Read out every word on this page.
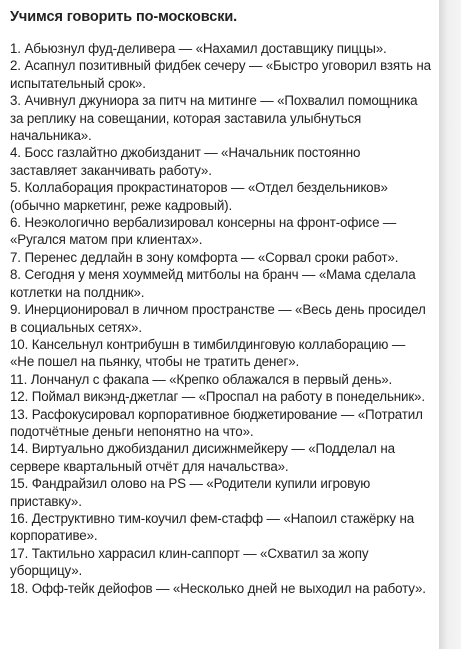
Учимся говорить по-московски.
1. Абьюзнул фуд-деливера — «Нахамил доставщику пиццы».
2. Асапнул позитивный фидбек сечеру — «Быстро уговорил взять на испытательный срок».
3. Ачивнул джуниора за питч на митинге — «Похвалил помощника за реплику на совещании, которая заставила улыбнуться начальника».
4. Босс газлайтно джобизданит — «Начальник постоянно заставляет заканчивать работу».
5. Коллаборация прокрастинаторов — «Отдел бездельников» (обычно маркетинг, реже кадровый).
6. Неэкологично вербализировал консерны на фронт-офисе — «Ругался матом при клиентах».
7. Перенес дедлайн в зону комфорта — «Сорвал сроки работ».
8. Сегодня у меня хоуммейд митболы на бранч — «Мама сделала котлетки на полдник».
9. Инерционировал в личном пространстве — «Весь день просидел в социальных сетях».
10. Кансельнул контрибушн в тимбилдинговую коллаборацию — «Не пошел на пьянку, чтобы не тратить денег».
11. Лончанул с факапа — «Крепко облажался в первый день».
12. Поймал викэнд-джетлаг — «Проспал на работу в понедельник».
13. Расфокусировал корпоративное бюджетирование — «Потратил подотчётные деньги непонятно на что».
14. Виртуально джобизданил дисижнмейкеру — «Подделал на сервере квартальный отчёт для начальства».
15. Фандрайзил олово на PS — «Родители купили игровую приставку».
16. Деструктивно тим-коучил фем-стафф — «Напоил стажёрку на корпоративе».
17. Тактильно харрасил клин-саппорт — «Схватил за жопу уборщицу».
18. Офф-тейк дейофов — «Несколько дней не выходил на работу».
